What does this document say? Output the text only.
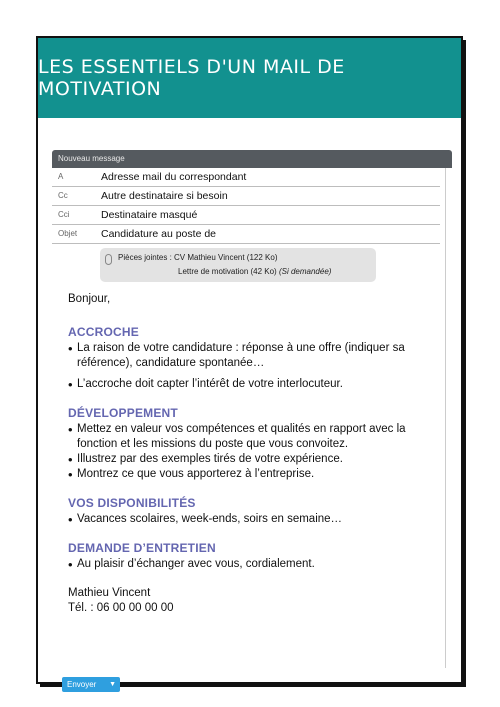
LES ESSENTIELS D'UN MAIL DE MOTIVATION
Nouveau message
A	Adresse mail du correspondant
Cc	Autre destinataire si besoin
Cci	Destinataire masqué
Objet Candidature au poste de
Pièces jointes : CV Mathieu Vincent (122 Ko)
Lettre de motivation (42 Ko) (Si demandée)

Bonjour,

ACCROCHE

• La raison de votre candidature : réponse à une offre (indiquer sa référence), candidature spontanée…

• L’accroche doit capter l’intérêt de votre interlocuteur.

DÉVELOPPEMENT

• Mettez en valeur vos compétences et qualités en rapport avec la fonction et les missions du poste que vous convoitez.

• Illustrez par des exemples tirés de votre expérience.

• Montrez ce que vous apporterez à l’entreprise.

VOS DISPONIBILITÉS

• Vacances scolaires, week-ends, soirs en semaine…

DEMANDE D’ENTRETIEN

• Au plaisir d’échanger avec vous, cordialement.

Mathieu Vincent
Tél. : 06 00 00 00 00
Envoyer ▼
